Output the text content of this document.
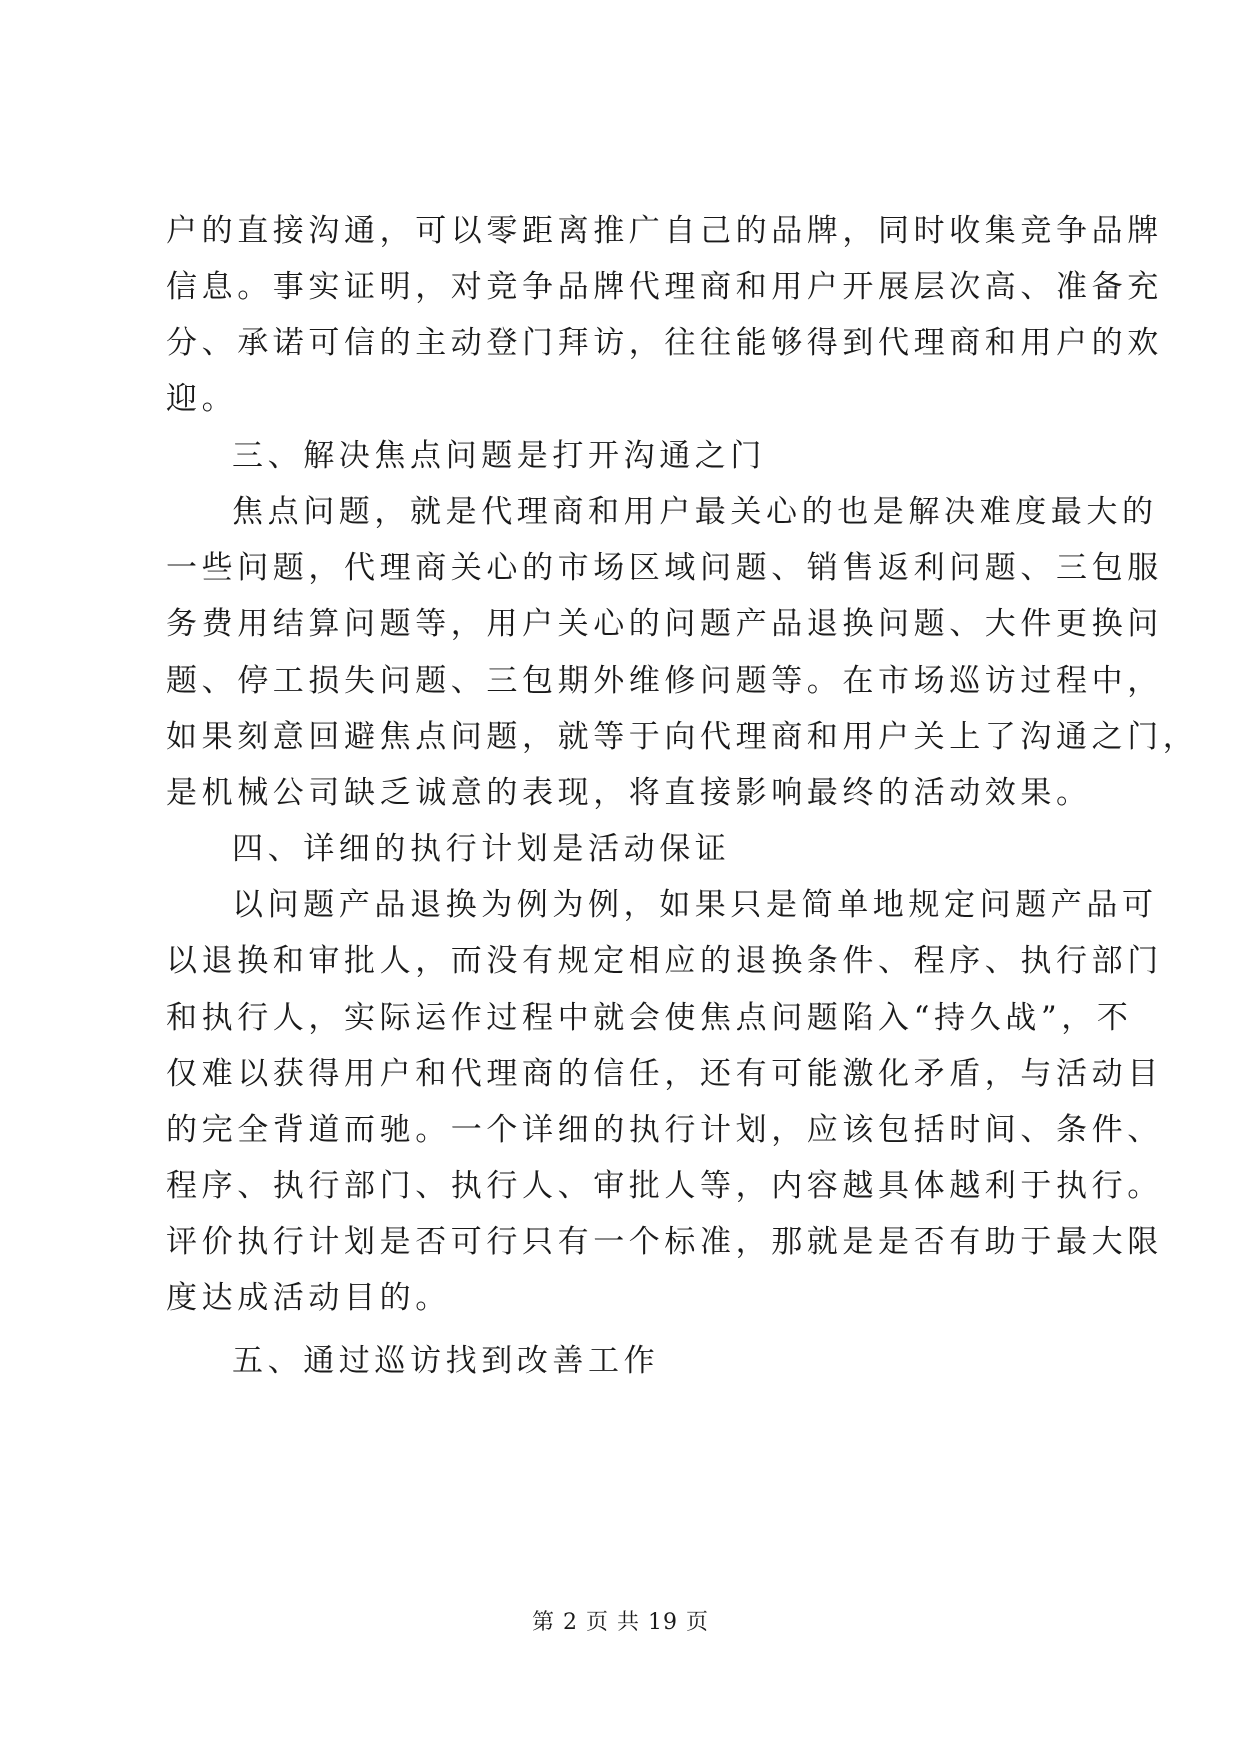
户的直接沟通，可以零距离推广自己的品牌，同时收集竞争品牌
信息。事实证明，对竞争品牌代理商和用户开展层次高、准备充
分、承诺可信的主动登门拜访，往往能够得到代理商和用户的欢
迎。
三、解决焦点问题是打开沟通之门
焦点问题，就是代理商和用户最关心的也是解决难度最大的
一些问题，代理商关心的市场区域问题、销售返利问题、三包服
务费用结算问题等，用户关心的问题产品退换问题、大件更换问
题、停工损失问题、三包期外维修问题等。在市场巡访过程中，
如果刻意回避焦点问题，就等于向代理商和用户关上了沟通之门，
是机械公司缺乏诚意的表现，将直接影响最终的活动效果。
四、详细的执行计划是活动保证
以问题产品退换为例为例，如果只是简单地规定问题产品可
以退换和审批人，而没有规定相应的退换条件、程序、执行部门
和执行人，实际运作过程中就会使焦点问题陷入“持久战”，不
仅难以获得用户和代理商的信任，还有可能激化矛盾，与活动目
的完全背道而驰。一个详细的执行计划，应该包括时间、条件、
程序、执行部门、执行人、审批人等，内容越具体越利于执行。
评价执行计划是否可行只有一个标准，那就是是否有助于最大限
度达成活动目的。
五、通过巡访找到改善工作
第 2 页 共 19 页
